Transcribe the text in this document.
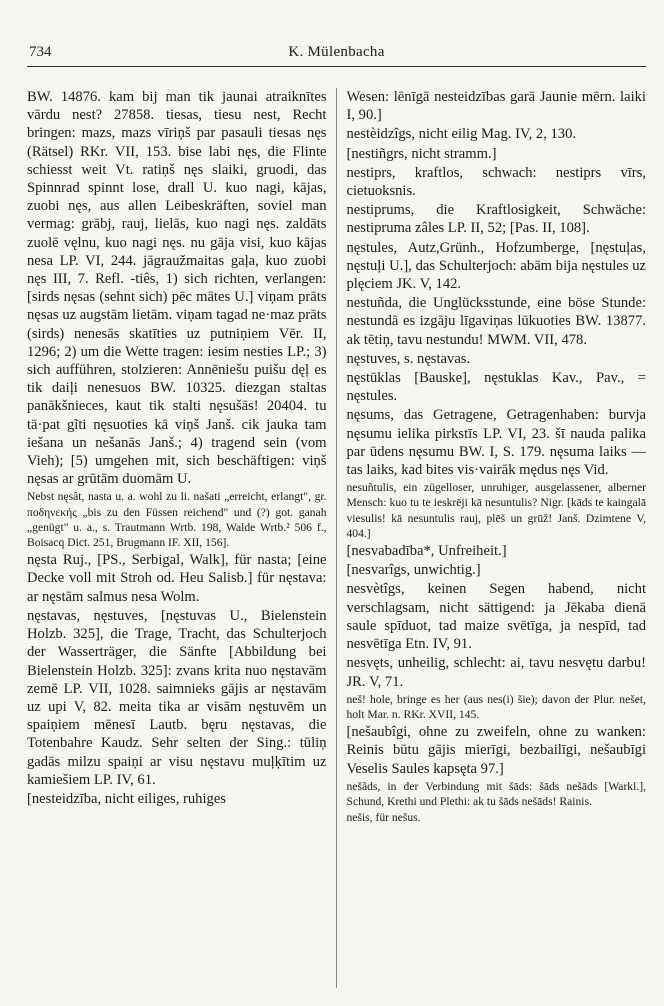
734	K. Mülenbacha

BW. 14876. kam bij man tik jaunai atraiknītes vārdu nest? 27858. tiesas, tiesu nest, Recht bringen: mazs, mazs vīriņš par pasauli tiesas nęs (Rätsel) RKr. VII, 153. bise labi nęs, die Flinte schiesst weit Vt. ratiņš nęs slaiki, gruodi, das Spinnrad spinnt lose, drall U. kuo nagi, kājas, zuobi nęs, aus allen Leibeskräften, soviel man vermag: grābj, rauj, lielās, kuo nagi nęs. zaldāts zuolē vęlnu, kuo nagi nęs. nu gāja visi, kuo kājas nesa LP. VI, 244. jāgraužmaitas gaļa, kuo zuobi nęs III, 7. Refl. -tiês, 1) sich richten, verlangen: [sirds nęsas (sehnt sich) pēc mātes U.] viņam prāts nęsas uz augstām lietām. viņam tagad ne·maz prāts (sirds) nenesās skatīties uz putniņiem Vēr. II, 1296; 2) um die Wette tragen: iesim nesties LP.; 3) sich aufführen, stolzieren: Annēniešu puišu dęļ es tik daiļi nenesuos BW. 10325. diezgan staltas panākšnieces, kaut tik stalti nęsušās! 20404. tu tā·pat gĩti nęsuoties kā viņš Janš. cik jauka tam iešana un nešanās Janš.; 4) tragend sein (vom Vieh); [5) umgehen mit, sich beschäftigen: viņš nęsas ar grūtām duomām U.

Nebst nęsât, nasta u. a. wohl zu li. našati „erreicht, erlangt", gr. ποδηνεκής „bis zu den Füssen reichend" und (?) got. ganah „genügt" u. a., s. Trautmann Wrtb. 198, Walde Wrtb.² 506 f., Boisacq Dict. 251, Brugmann IF. XII, 156].

nęsta Ruj., [PS., Serbigal, Walk], für nasta; [eine Decke voll mit Stroh od. Heu Salisb.] für nęstava: ar nęstām salmus nesa Wolm.

nęstavas, nęstuves, [nęstuvas U., Bielenstein Holzb. 325], die Trage, Tracht, das Schulterjoch der Wasserträger, die Sänfte [Abbildung bei Bielenstein Holzb. 325]: zvans krita nuo nęstavām zemē LP. VII, 1028. saimnieks gājis ar nęstavām uz upi V, 82. meita tika ar visām nęstuvēm un spaiņiem mēnesī Lautb. bęru nęstavas, die Totenbahre Kaudz. Sehr selten der Sing.: tūliņ gadās milzu spaiņi ar visu nęstavu muļķītim uz kamiešiem LP. IV, 61.

[nesteidzība, nicht eiliges, ruhiges

Wesen: lēnīgā nesteidzības garā Jaunie mērn. laiki I, 90.]

nestèidzîgs, nicht eilig Mag. IV, 2, 130.

[nestiñgrs, nicht stramm.]

nestiprs, kraftlos, schwach: nestiprs vīrs, cietuoksnis.

nestiprums, die Kraftlosigkeit, Schwäche: nestipruma zâles LP. II, 52; [Pas. II, 108].

nęstules, Autz,Grünh., Hofzumberge, [nęstuļas, nęstuļi U.], das Schulterjoch: abām bija nęstules uz plęciem JK. V, 142.

nestuñda, die Unglücksstunde, eine böse Stunde: nestundā es izgāju līgaviņas lūkuoties BW. 13877. ak tētiņ, tavu nestundu! MWM. VII, 478.

nęstuves, s. nęstavas.

nęstūklas [Bauske], nęstuklas Kav., Pav., = nęstules.

nęsums, das Getragene, Getragenhaben: burvja nęsumu ielika pirkstīs LP. VI, 23. šī nauda palika par ūdens nęsumu BW. I, S. 179. nęsuma laiks — tas laiks, kad bites vis·vairāk mędus nęs Vid.

nesuñtulis, ein zügelloser, unruhiger, ausgelassener, alberner Mensch: kuo tu te ieskrēji kā nesuntulis? Nigr. [kāds te kaingalā viesulis! kā nesuntulis rauj, plēš un grūž! Janš. Dzimtene V, 404.]

[nesvabadība*, Unfreiheit.]

[nesvarîgs, unwichtig.]

nesvètîgs, keinen Segen habend, nicht verschlagsam, nicht sättigend: ja Jēkaba dienā saule spīduot, tad maize svētīga, ja nespīd, tad nesvētīga Etn. IV, 91.

nesvęts, unheilig, schlecht: ai, tavu nesvętu darbu! JR. V, 71.

neš! hole, bringe es her (aus nes(i) šie); davon der Plur. nešet, holt Mar. n. RKr. XVII, 145.

[nešaubîgi, ohne zu zweifeln, ohne zu wanken: Reinis būtu gājis mierīgi, bezbailīgi, nešaubīgi Veselis Saules kapsęta 97.]

nešãds, in der Verbindung mit šāds: šāds nešāds [Warkl.], Schund, Krethi und Plethi: ak tu šāds nešāds! Rainis.

nešis, für nešus.
